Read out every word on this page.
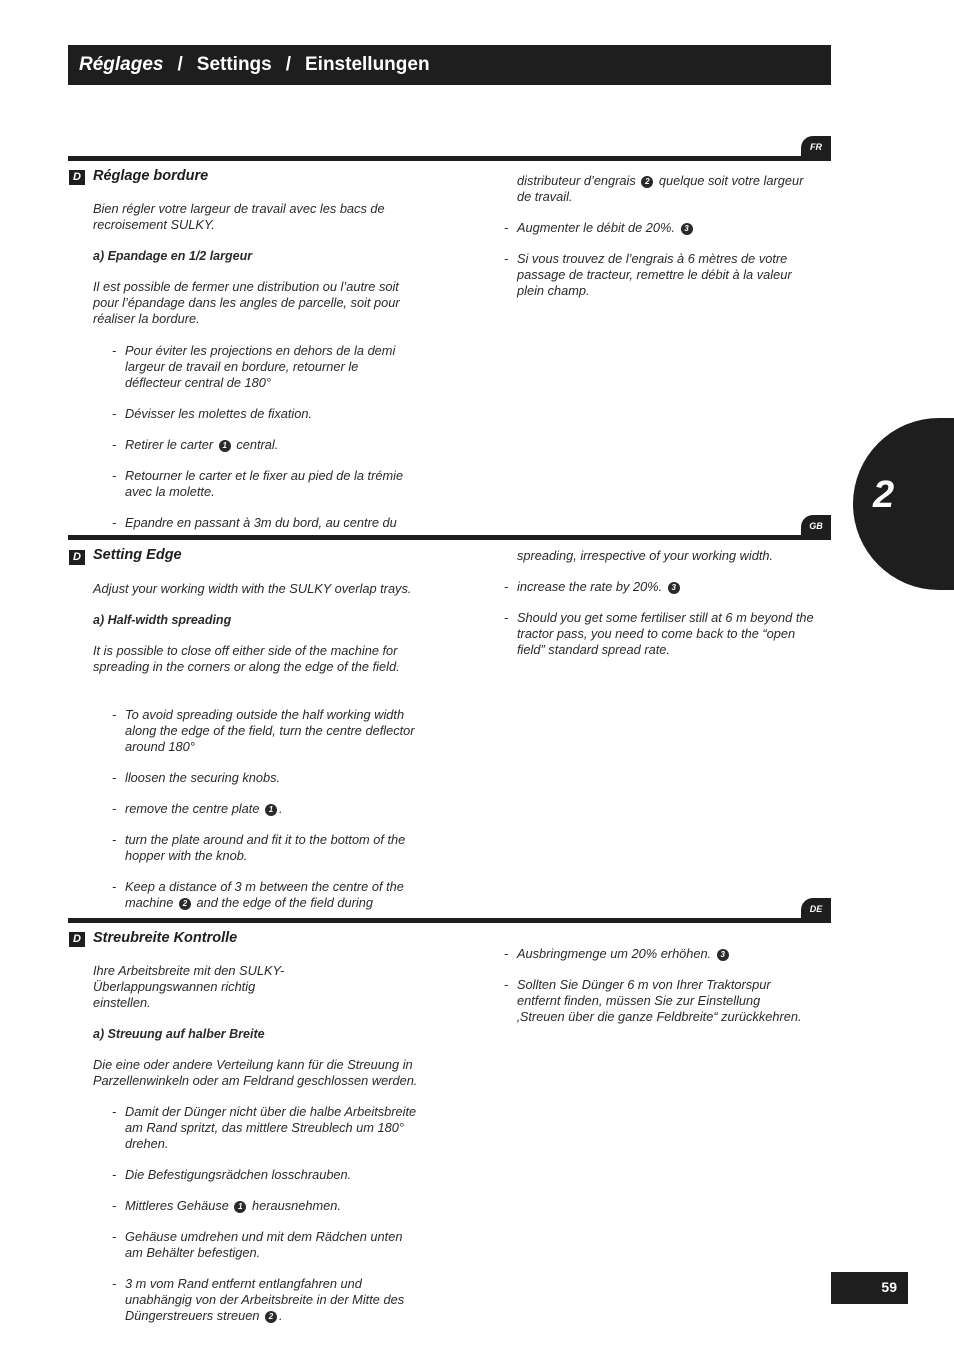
Réglages / Settings / Einstellungen
2
FR
D Réglage bordure

Bien régler votre largeur de travail avec les bacs de recroisement SULKY.

a) Epandage en 1/2 largeur

Il est possible de fermer une distribution ou l’autre soit pour l’épandage dans les angles de parcelle, soit pour réaliser la bordure.

- Pour éviter les projections en dehors de la demi largeur de travail en bordure, retourner le déflecteur central de 180°

- Dévisser les molettes de fixation.

- Retirer le carter 1 central.

- Retourner le carter et le fixer au pied de la trémie avec la molette.

- Epandre en passant à 3m du bord, au centre du

distributeur d’engrais 2 quelque soit votre largeur de travail.

- Augmenter le débit de 20%. 3

- Si vous trouvez de l’engrais à 6 mètres de votre passage de tracteur, remettre le débit à la valeur plein champ.

GB
D Setting Edge

Adjust your working width with the SULKY overlap trays.

a) Half-width spreading

It is possible to close off either side of the machine for spreading in the corners or along the edge of the field.

- To avoid spreading outside the half working width along the edge of the field, turn the centre deflector around 180°

- lloosen the securing knobs.

- remove the centre plate 1 .

- turn the plate around and fit it to the bottom of the hopper with the knob.

- Keep a distance of 3 m between the centre of the machine 2 and the edge of the field during

spreading, irrespective of your working width.

- increase the rate by 20%. 3

- Should you get some fertiliser still at 6 m beyond the tractor pass, you need to come back to the “open field” standard spread rate.

DE
D Streubreite Kontrolle

Ihre Arbeitsbreite mit den SULKY-Überlappungswannen richtig einstellen.

a) Streuung auf halber Breite

Die eine oder andere Verteilung kann für die Streuung in Parzellenwinkeln oder am Feldrand geschlossen werden.

- Damit der Dünger nicht über die halbe Arbeitsbreite am Rand spritzt, das mittlere Streublech um 180° drehen.

- Die Befestigungsrädchen losschrauben.

- Mittleres Gehäuse 1 herausnehmen.

- Gehäuse umdrehen und mit dem Rädchen unten am Behälter befestigen.

- 3 m vom Rand entfernt entlangfahren und unabhängig von der Arbeitsbreite in der Mitte des Düngerstreuers streuen 2 .

- Ausbringmenge um 20% erhöhen. 3

- Sollten Sie Dünger 6 m von Ihrer Traktorspur entfernt finden, müssen Sie zur Einstellung ‚Streuen über die ganze Feldbreite“ zurückkehren.

59
